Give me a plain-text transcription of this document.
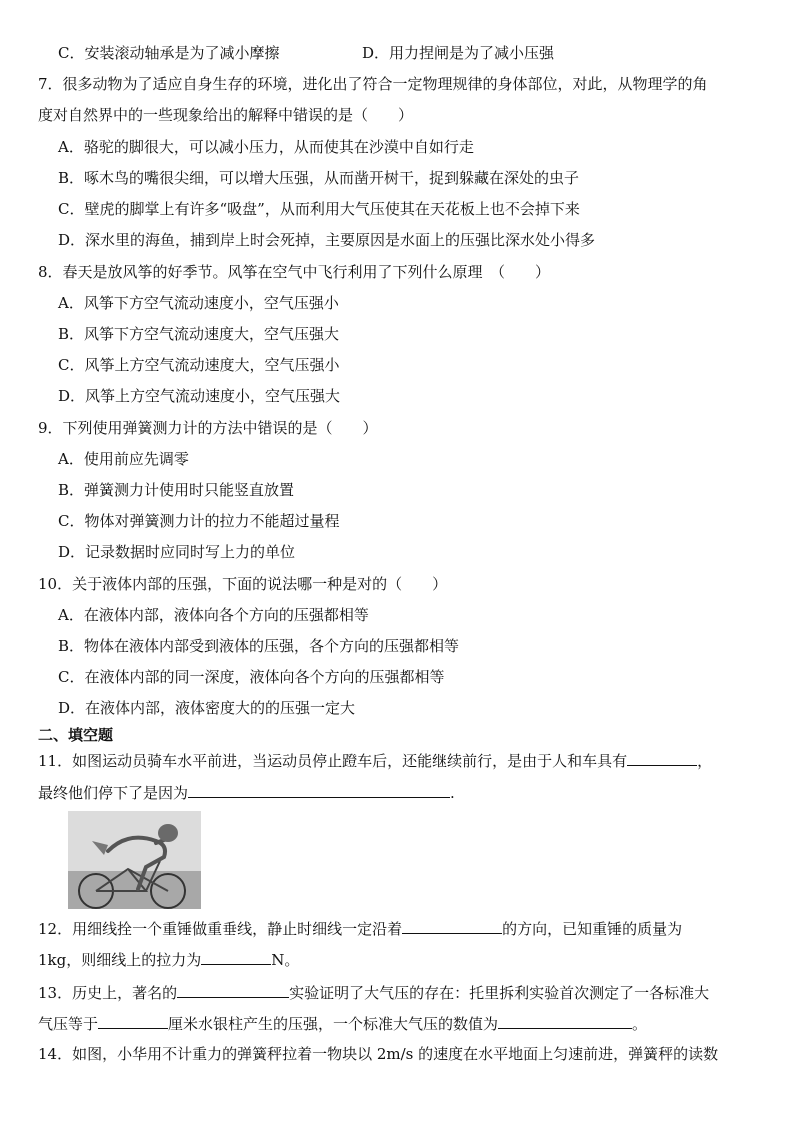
C．安装滚动轴承是为了减小摩擦	D．用力捏闸是为了减小压强
7．很多动物为了适应自身生存的环境，进化出了符合一定物理规律的身体部位，对此，从物理学的角
度对自然界中的一些现象给出的解释中错误的是（　　）
A．骆驼的脚很大，可以减小压力，从而使其在沙漠中自如行走
B．啄木鸟的嘴很尖细，可以增大压强，从而凿开树干，捉到躲藏在深处的虫子
C．壁虎的脚掌上有许多“吸盘”，从而利用大气压使其在天花板上也不会掉下来
D．深水里的海鱼，捕到岸上时会死掉，主要原因是水面上的压强比深水处小得多
8．春天是放风筝的好季节。风筝在空气中飞行利用了下列什么原理　（　　）
A．风筝下方空气流动速度小，空气压强小
B．风筝下方空气流动速度大，空气压强大
C．风筝上方空气流动速度大，空气压强小
D．风筝上方空气流动速度小，空气压强大
9．下列使用弹簧测力计的方法中错误的是（　　）
A．使用前应先调零
B．弹簧测力计使用时只能竖直放置
C．物体对弹簧测力计的拉力不能超过量程
D．记录数据时应同时写上力的单位
10．关于液体内部的压强，下面的说法哪一种是对的（　　）
A．在液体内部，液体向各个方向的压强都相等
B．物体在液体内部受到液体的压强，各个方向的压强都相等
C．在液体内部的同一深度，液体向各个方向的压强都相等
D．在液体内部，液体密度大的的压强一定大
二、填空题
11．如图运动员骑车水平前进，当运动员停止蹬车后，还能继续前行，是由于人和车具有	，
最终他们停下了是因为	.
12．用细线拴一个重锤做重垂线，静止时细线一定沿着	的方向，已知重锤的质量为
1kg，则细线上的拉力为	N。
13．历史上，著名的	实验证明了大气压的存在：托里拆利实验首次测定了一各标准大
气压等于	厘米水银柱产生的压强，一个标准大气压的数值为	。
14．如图，小华用不计重力的弹簧秤拉着一物块以 2m/s 的速度在水平地面上匀速前进，弹簧秤的读数
